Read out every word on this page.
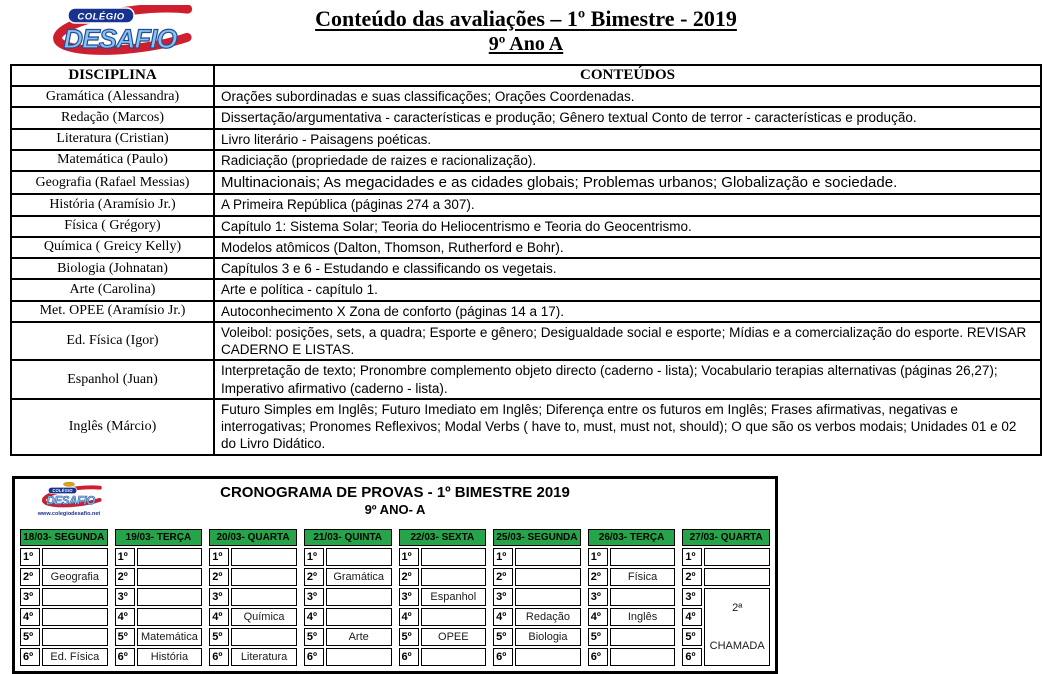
DESAFIO
COLÉGIO	Conteúdo das avaliações – 1º Bimestre - 2019
9º Ano A
DISCIPLINA	CONTEÚDOS
Gramática (Alessandra)	Orações subordinadas e suas classificações; Orações Coordenadas.
Redação (Marcos)	Dissertação/argumentativa - características e produção; Gênero textual Conto de terror - características e produção.
Literatura (Cristian)	Livro literário - Paisagens poéticas.
Matemática (Paulo)	Radiciação (propriedade de raizes e racionalização).
Geografia (Rafael Messias)	Multinacionais; As megacidades e as cidades globais; Problemas urbanos; Globalização e sociedade.
História (Aramísio Jr.)	A Primeira República (páginas 274 a 307).
Física ( Grégory)	Capítulo 1: Sistema Solar; Teoria do Heliocentrismo e Teoria do Geocentrismo.
Química ( Greicy Kelly)	Modelos atômicos (Dalton, Thomson, Rutherford e Bohr).
Biologia (Johnatan)	Capítulos 3 e 6 - Estudando e classificando os vegetais.
Arte (Carolina)	Arte e política - capítulo 1.
Met. OPEE (Aramísio Jr.)	Autoconhecimento X Zona de conforto (páginas 14 a 17).
Ed. Física (Igor)	Voleibol: posições, sets, a quadra; Esporte e gênero; Desigualdade social e esporte; Mídias e a comercialização do esporte. REVISAR CADERNO E LISTAS.
Espanhol (Juan)	Interpretação de texto; Pronombre complemento objeto directo (caderno - lista); Vocabulario terapias alternativas (páginas 26,27); Imperativo afirmativo (caderno - lista).
Inglês (Márcio)	Futuro Simples em Inglês; Futuro Imediato em Inglês; Diferença entre os futuros em Inglês; Frases afirmativas, negativas e interrogativas; Pronomes Reflexivos; Modal Verbs ( have to, must, must not, should); O que são os verbos modais; Unidades 01 e 02 do Livro Didático.
DESAFIO
COLÉGIO
www.colegiodesafio.net
CRONOGRAMA DE PROVAS - 1º BIMESTRE 2019
9º ANO- A
18/03- SEGUNDA	
1º	
2º	Geografia
3º	
4º	
5º	
6º	Ed. Física
19/03- TERÇA	
1º	
2º	
3º	
4º	
5º	Matemática
6º	História
20/03- QUARTA	
1º	
2º	
3º	
4º	Química
5º	
6º	Literatura
21/03- QUINTA	
1º	
2º	Gramática
3º	
4º	
5º	Arte
6º	
22/03- SEXTA	
1º	
2º	
3º	Espanhol
4º	
5º	OPEE
6º	
25/03- SEGUNDA	
1º	
2º	
3º	
4º	Redação
5º	Biologia
6º	
26/03- TERÇA	
1º	
2º	Física
3º	
4º	Inglês
5º	
6º	
27/03- QUARTA	
1º	
2º	
3º	2ª
CHAMADA

4º	
5º	
6º	
